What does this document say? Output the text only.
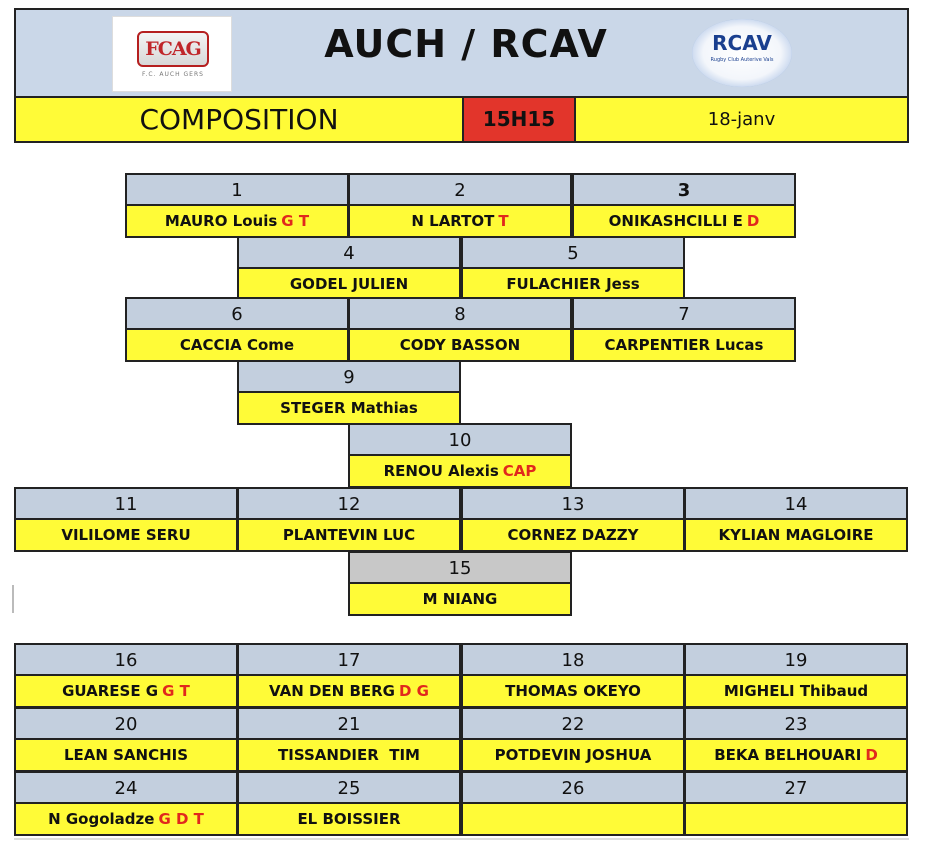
FCAG
F.C. AUCH GERS
AUCH / RCAV	RCAV
Rugby Club Auterive Vals
COMPOSITION	15H15	18-janv
1
MAURO Louis G T
2
N LARTOT T
3
ONIKASHCILLI E D
4
GODEL JULIEN
5
FULACHIER Jess
6
CACCIA Come
8
CODY BASSON
7
CARPENTIER Lucas
9
STEGER Mathias
10
RENOU Alexis CAP
11
VILILOME SERU
12
PLANTEVIN LUC
13
CORNEZ DAZZY
14
KYLIAN MAGLOIRE
15
M NIANG
16
GUARESE G G T
17
VAN DEN BERG D G
18
THOMAS OKEYO
19
MIGHELI Thibaud
20
LEAN SANCHIS
21
TISSANDIER  TIM
22
POTDEVIN JOSHUA
23
BEKA BELHOUARI D
24
N Gogoladze G D T
25
EL BOISSIER
26	27
